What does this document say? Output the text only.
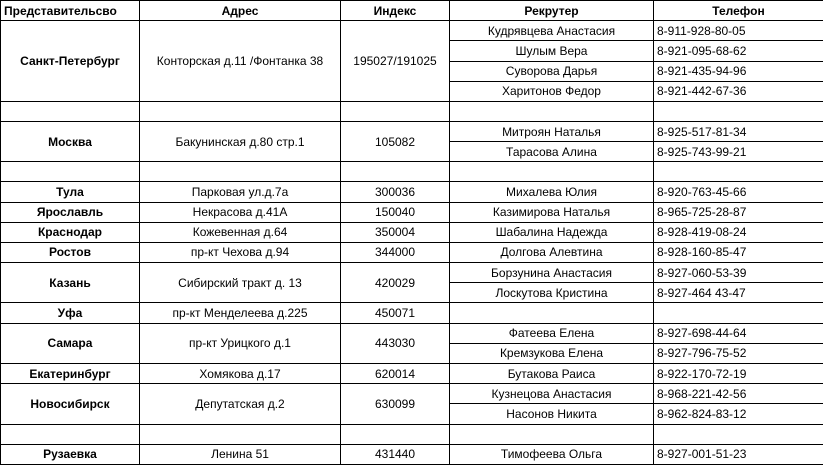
Представительсво	Адрес	Индекс	Рекрутер	Телефон
Санкт-Петербург	Конторская д.11 /Фонтанка 38	195027/191025	Кудрявцева Анастасия	8-911-928-80-05
			Шулым Вера	8-921-095-68-62
			Суворова Дарья	8-921-435-94-96
			Харитонов Федор	8-921-442-67-36

Москва	Бакунинская д.80 стр.1	105082	Митроян Наталья	8-925-517-81-34
			Тарасова Алина	8-925-743-99-21

Тула	Парковая ул.д.7а	300036	Михалева Юлия	8-920-763-45-66
Ярославль	Некрасова д.41А	150040	Казимирова Наталья	8-965-725-28-87
Краснодар	Кожевенная д.64	350004	Шабалина Надежда	8-928-419-08-24
Ростов	пр-кт Чехова д.94	344000	Долгова Алевтина	8-928-160-85-47
Казань	Сибирский тракт д. 13	420029	Борзунина Анастасия	8-927-060-53-39
			Лоскутова Кристина	8-927-464 43-47
Уфа	пр-кт Менделеева д.225	450071		
Самара	пр-кт Урицкого д.1	443030	Фатеева Елена	8-927-698-44-64
			Кремзукова Елена	8-927-796-75-52
Екатеринбург	Хомякова д.17	620014	Бутакова Раиса	8-922-170-72-19
Новосибирск	Депутатская д.2	630099	Кузнецова Анастасия	8-968-221-42-56
			Насонов Никита	8-962-824-83-12

Рузаевка	Ленина 51	431440	Тимофеева Ольга	8-927-001-51-23
